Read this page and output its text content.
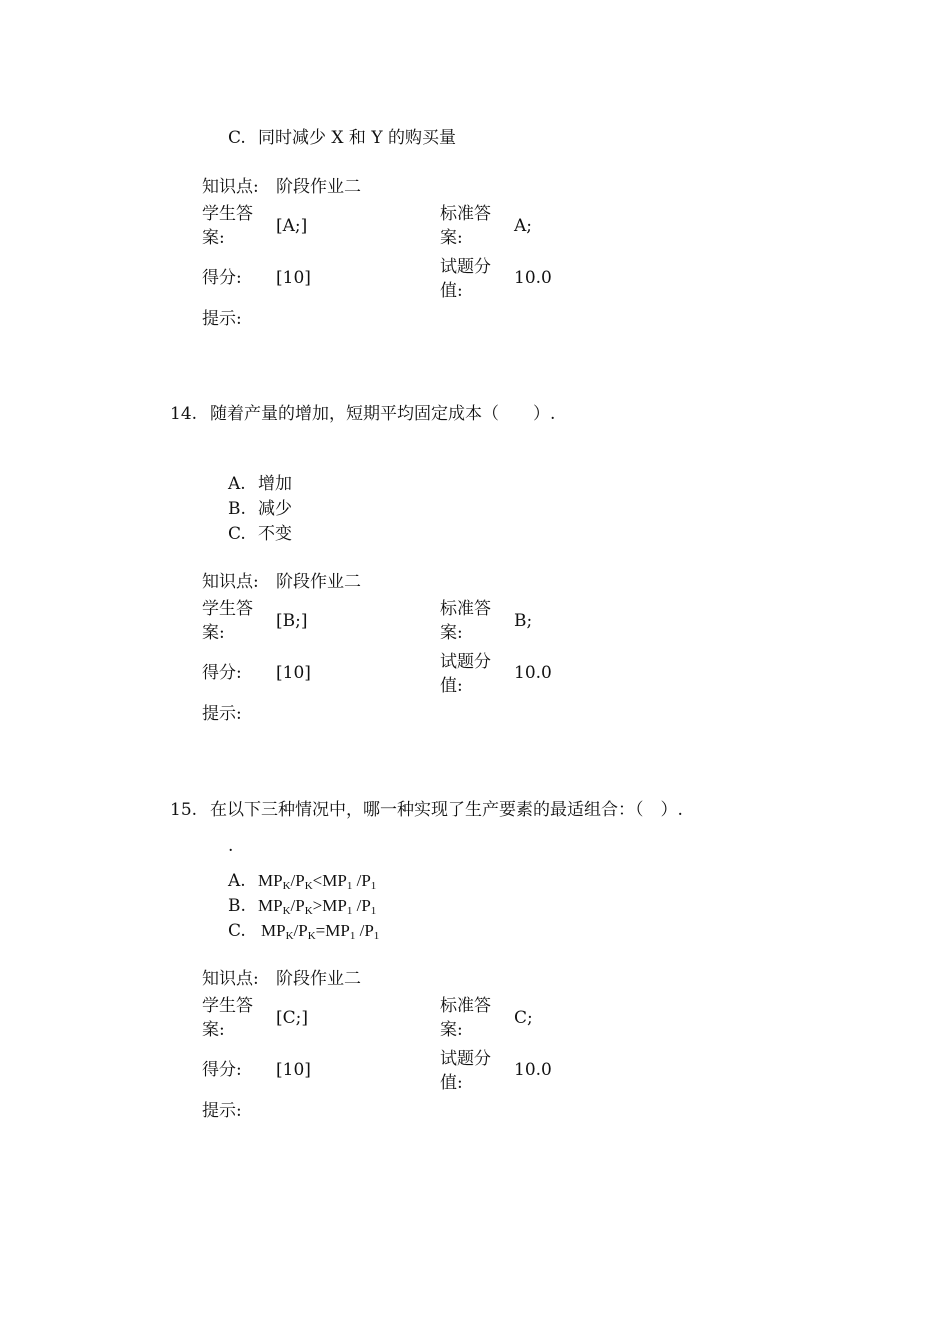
C. 同时减少 X 和 Y 的购买量
知识点: 阶段作业二
学生答
案:
[A;]
标准答
案:
A;
得分: [10]
试题分
值:
10.0
提示:
14. 随着产量的增加，短期平均固定成本（　　）.
A. 增加
B. 减少
C. 不变
知识点: 阶段作业二
学生答
案:
[B;]
标准答
案:
B;
得分: [10]
试题分
值:
10.0
提示:
15. 在以下三种情况中，哪一种实现了生产要素的最适组合：（　）.
.
A. $MP_K/P_K<MP_1$ $/P_1$
B. $MP_K/P_K>MP_1$ $/P_1$
C. $MP_K/P_K=MP_1$ $/P_1$
知识点: 阶段作业二
学生答
案:
[C;]
标准答
案:
C;
得分: [10]
试题分
值:
10.0
提示:
